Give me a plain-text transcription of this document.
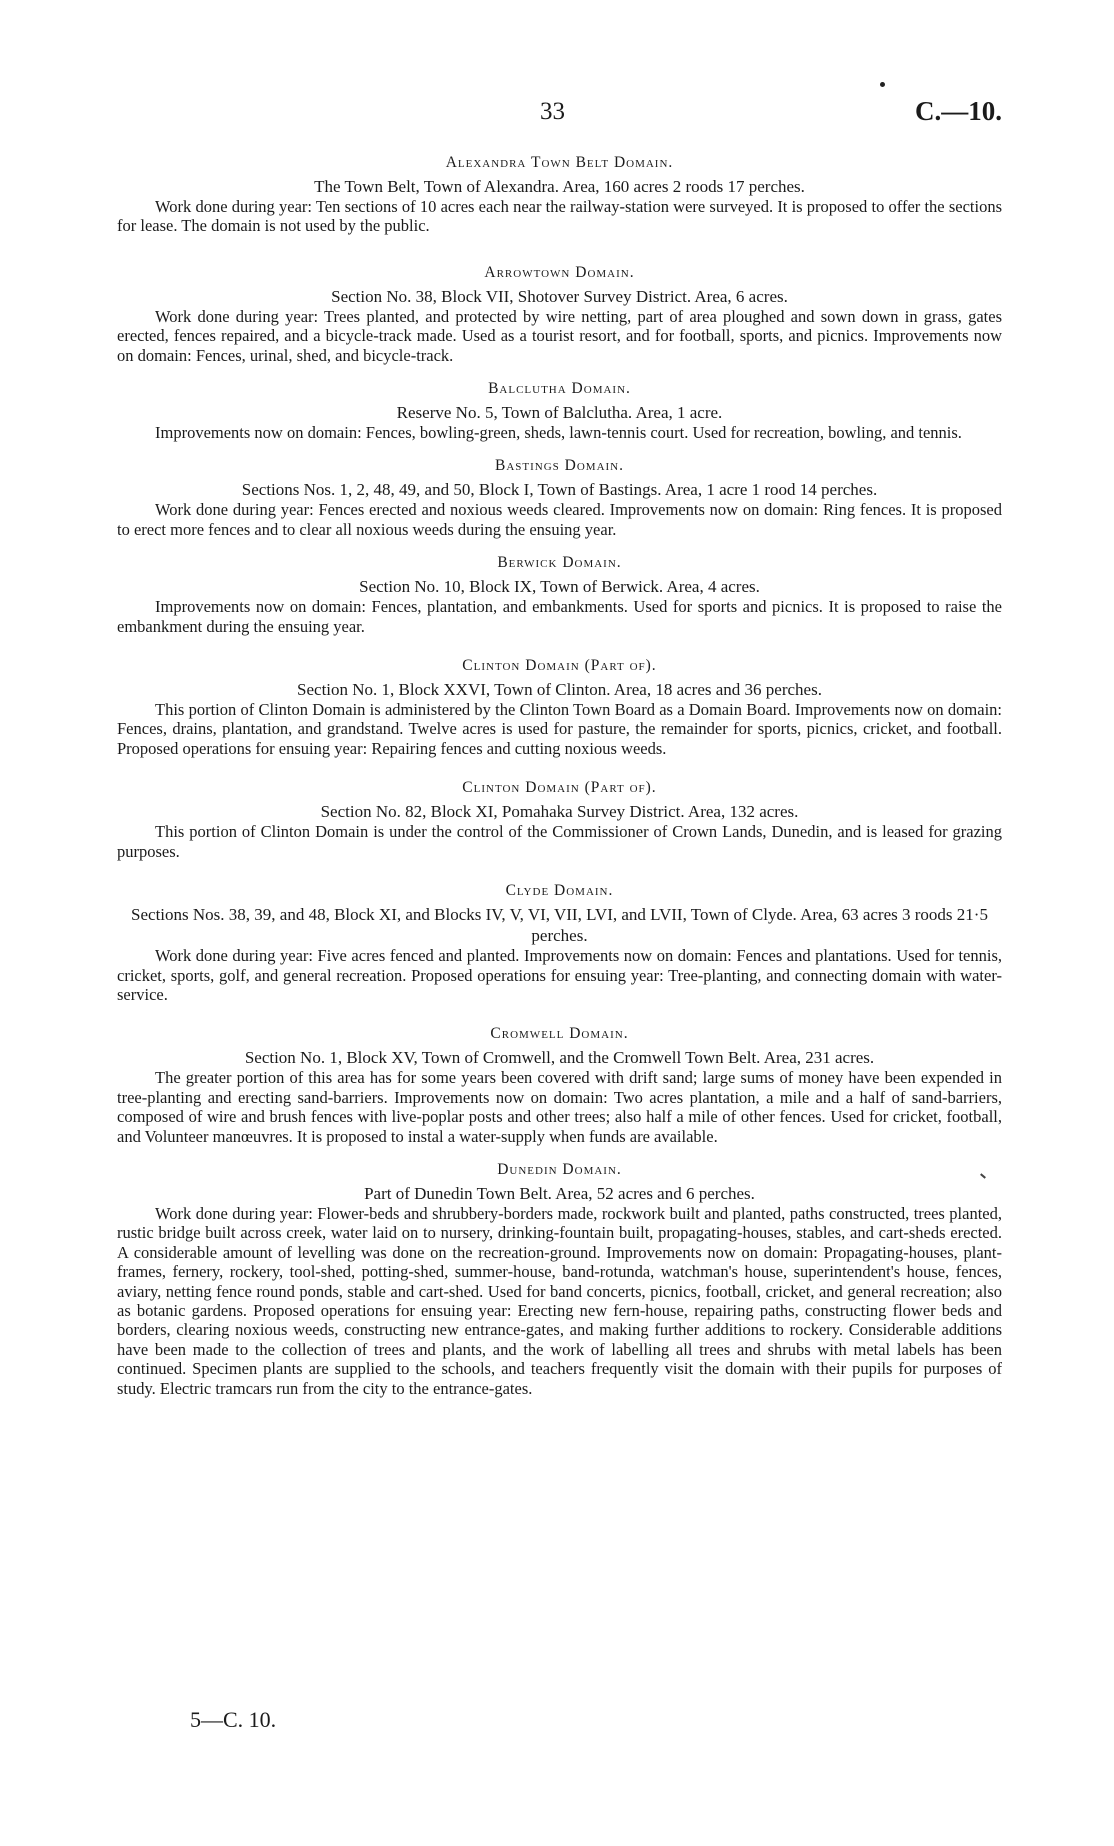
33	C.—10.
Alexandra Town Belt Domain.

The Town Belt, Town of Alexandra. Area, 160 acres 2 roods 17 perches.

Work done during year: Ten sections of 10 acres each near the railway-station were surveyed. It is proposed to offer the sections for lease. The domain is not used by the public.

Arrowtown Domain.

Section No. 38, Block VII, Shotover Survey District. Area, 6 acres.

Work done during year: Trees planted, and protected by wire netting, part of area ploughed and sown down in grass, gates erected, fences repaired, and a bicycle-track made. Used as a tourist resort, and for football, sports, and picnics. Improvements now on domain: Fences, urinal, shed, and bicycle-track.

Balclutha Domain.

Reserve No. 5, Town of Balclutha. Area, 1 acre.

Improvements now on domain: Fences, bowling-green, sheds, lawn-tennis court. Used for recreation, bowling, and tennis.

Bastings Domain.

Sections Nos. 1, 2, 48, 49, and 50, Block I, Town of Bastings. Area, 1 acre 1 rood 14 perches.

Work done during year: Fences erected and noxious weeds cleared. Improvements now on domain: Ring fences. It is proposed to erect more fences and to clear all noxious weeds during the ensuing year.

Berwick Domain.

Section No. 10, Block IX, Town of Berwick. Area, 4 acres.

Improvements now on domain: Fences, plantation, and embankments. Used for sports and picnics. It is proposed to raise the embankment during the ensuing year.

Clinton Domain (Part of).

Section No. 1, Block XXVI, Town of Clinton. Area, 18 acres and 36 perches.

This portion of Clinton Domain is administered by the Clinton Town Board as a Domain Board. Improvements now on domain: Fences, drains, plantation, and grandstand. Twelve acres is used for pasture, the remainder for sports, picnics, cricket, and football. Proposed operations for ensuing year: Repairing fences and cutting noxious weeds.

Clinton Domain (Part of).

Section No. 82, Block XI, Pomahaka Survey District. Area, 132 acres.

This portion of Clinton Domain is under the control of the Commissioner of Crown Lands, Dunedin, and is leased for grazing purposes.

Clyde Domain.

Sections Nos. 38, 39, and 48, Block XI, and Blocks IV, V, VI, VII, LVI, and LVII, Town of Clyde. Area, 63 acres 3 roods 21·5 perches.

Work done during year: Five acres fenced and planted. Improvements now on domain: Fences and plantations. Used for tennis, cricket, sports, golf, and general recreation. Proposed operations for ensuing year: Tree-planting, and connecting domain with water-service.

Cromwell Domain.

Section No. 1, Block XV, Town of Cromwell, and the Cromwell Town Belt. Area, 231 acres.

The greater portion of this area has for some years been covered with drift sand; large sums of money have been expended in tree-planting and erecting sand-barriers. Improvements now on domain: Two acres plantation, a mile and a half of sand-barriers, composed of wire and brush fences with live-poplar posts and other trees; also half a mile of other fences. Used for cricket, football, and Volunteer manœuvres. It is proposed to instal a water-supply when funds are available.

Dunedin Domain.

Part of Dunedin Town Belt. Area, 52 acres and 6 perches.

Work done during year: Flower-beds and shrubbery-borders made, rockwork built and planted, paths constructed, trees planted, rustic bridge built across creek, water laid on to nursery, drinking-fountain built, propagating-houses, stables, and cart-sheds erected. A considerable amount of levelling was done on the recreation-ground. Improvements now on domain: Propagating-houses, plant-frames, fernery, rockery, tool-shed, potting-shed, summer-house, band-rotunda, watchman's house, superintendent's house, fences, aviary, netting fence round ponds, stable and cart-shed. Used for band concerts, picnics, football, cricket, and general recreation; also as botanic gardens. Proposed operations for ensuing year: Erecting new fern-house, repairing paths, constructing flower beds and borders, clearing noxious weeds, constructing new entrance-gates, and making further additions to rockery. Considerable additions have been made to the collection of trees and plants, and the work of labelling all trees and shrubs with metal labels has been continued. Specimen plants are supplied to the schools, and teachers frequently visit the domain with their pupils for purposes of study. Electric tramcars run from the city to the entrance-gates.

5—C. 10.
